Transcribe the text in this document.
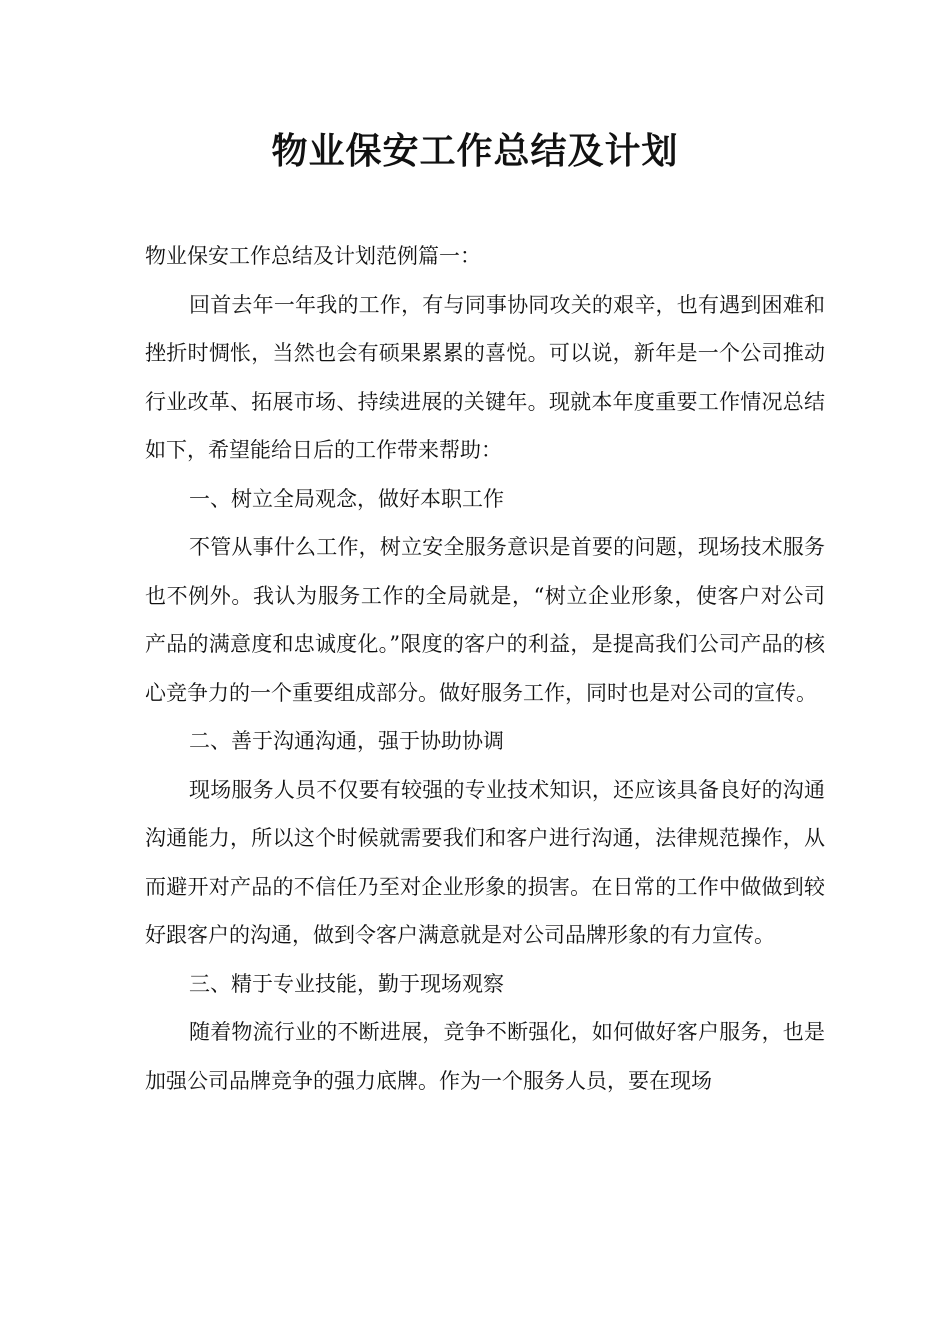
物业保安工作总结及计划

物业保安工作总结及计划范例篇一：

回首去年一年我的工作，有与同事协同攻关的艰辛，也有遇到困难和挫折时惆怅，当然也会有硕果累累的喜悦。可以说，新年是一个公司推动行业改革、拓展市场、持续进展的关键年。现就本年度重要工作情况总结如下，希望能给日后的工作带来帮助：

一、树立全局观念，做好本职工作

不管从事什么工作，树立安全服务意识是首要的问题，现场技术服务也不例外。我认为服务工作的全局就是，“树立企业形象，使客户对公司产品的满意度和忠诚度化。”限度的客户的利益，是提高我们公司产品的核心竞争力的一个重要组成部分。做好服务工作，同时也是对公司的宣传。

二、善于沟通沟通，强于协助协调

现场服务人员不仅要有较强的专业技术知识，还应该具备良好的沟通沟通能力，所以这个时候就需要我们和客户进行沟通，法律规范操作，从而避开对产品的不信任乃至对企业形象的损害。在日常的工作中做做到较好跟客户的沟通，做到令客户满意就是对公司品牌形象的有力宣传。

三、精于专业技能，勤于现场观察

随着物流行业的不断进展，竞争不断强化，如何做好客户服务，也是加强公司品牌竞争的强力底牌。作为一个服务人员，要在现场
